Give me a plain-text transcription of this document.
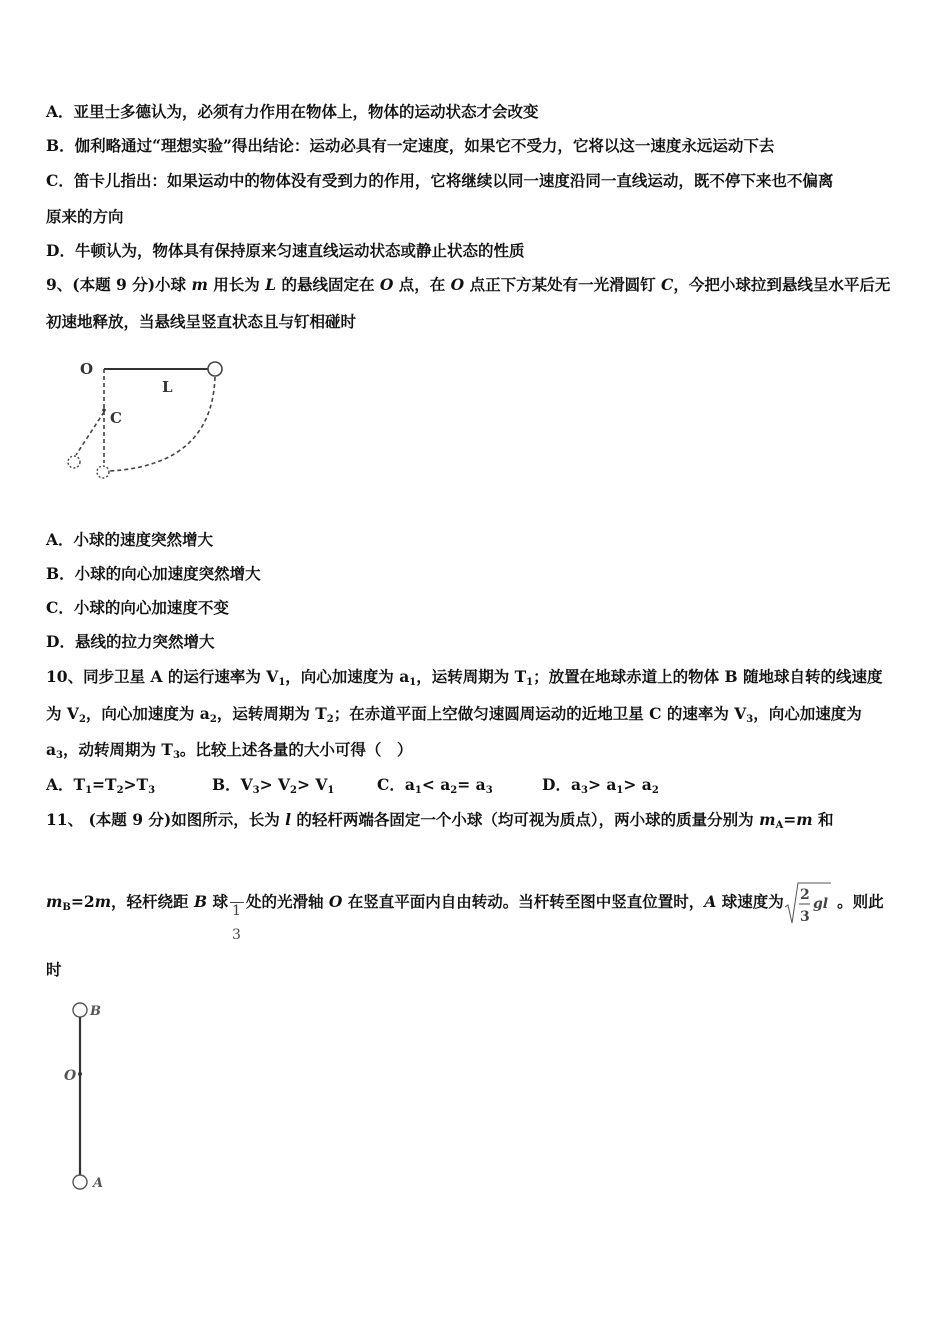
A．亚里士多德认为，必须有力作用在物体上，物体的运动状态才会改变
B．伽利略通过“理想实验”得出结论：运动必具有一定速度，如果它不受力，它将以这一速度永远运动下去
C．笛卡儿指出：如果运动中的物体没有受到力的作用，它将继续以同一速度沿同一直线运动，既不停下来也不偏离
原来的方向
D．牛顿认为，物体具有保持原来匀速直线运动状态或静止状态的性质
9、(本题 9 分)小球 m 用长为 L 的悬线固定在 O 点，在 O 点正下方某处有一光滑圆钉 C，今把小球拉到悬线呈水平后无
初速地释放，当悬线呈竖直状态且与钉相碰时
O
L
C
A．小球的速度突然增大
B．小球的向心加速度突然增大
C．小球的向心加速度不变
D．悬线的拉力突然增大
10、同步卫星 A 的运行速率为 $V_1$，向心加速度为 $a_1$，运转周期为 $T_1$；放置在地球赤道上的物体 B 随地球自转的线速度
为 $V_2$，向心加速度为 $a_2$，运转周期为 $T_2$；在赤道平面上空做匀速圆周运动的近地卫星 C 的速率为 $V_3$，向心加速度为
$a_3$，动转周期为 $T_3$。比较上述各量的大小可得（　）
A．$T_1=T_2>T_3$	B．$V_3> V_2> V_1$	C．$a_1< a_2= a_3$	D．$a_3> a_1> a_2$
11、 (本题 9 分)如图所示，长为 l 的轻杆两端各固定一个小球（均可视为质点），两小球的质量分别为 $m_A=m$ 和
$m_B=2m$，轻杆绕距 B 球 1
3
处的光滑轴 O 在竖直平面内自由转动。当杆转至图中竖直位置时，A 球速度为 2
3
gl 。则此
时
B
O
A
